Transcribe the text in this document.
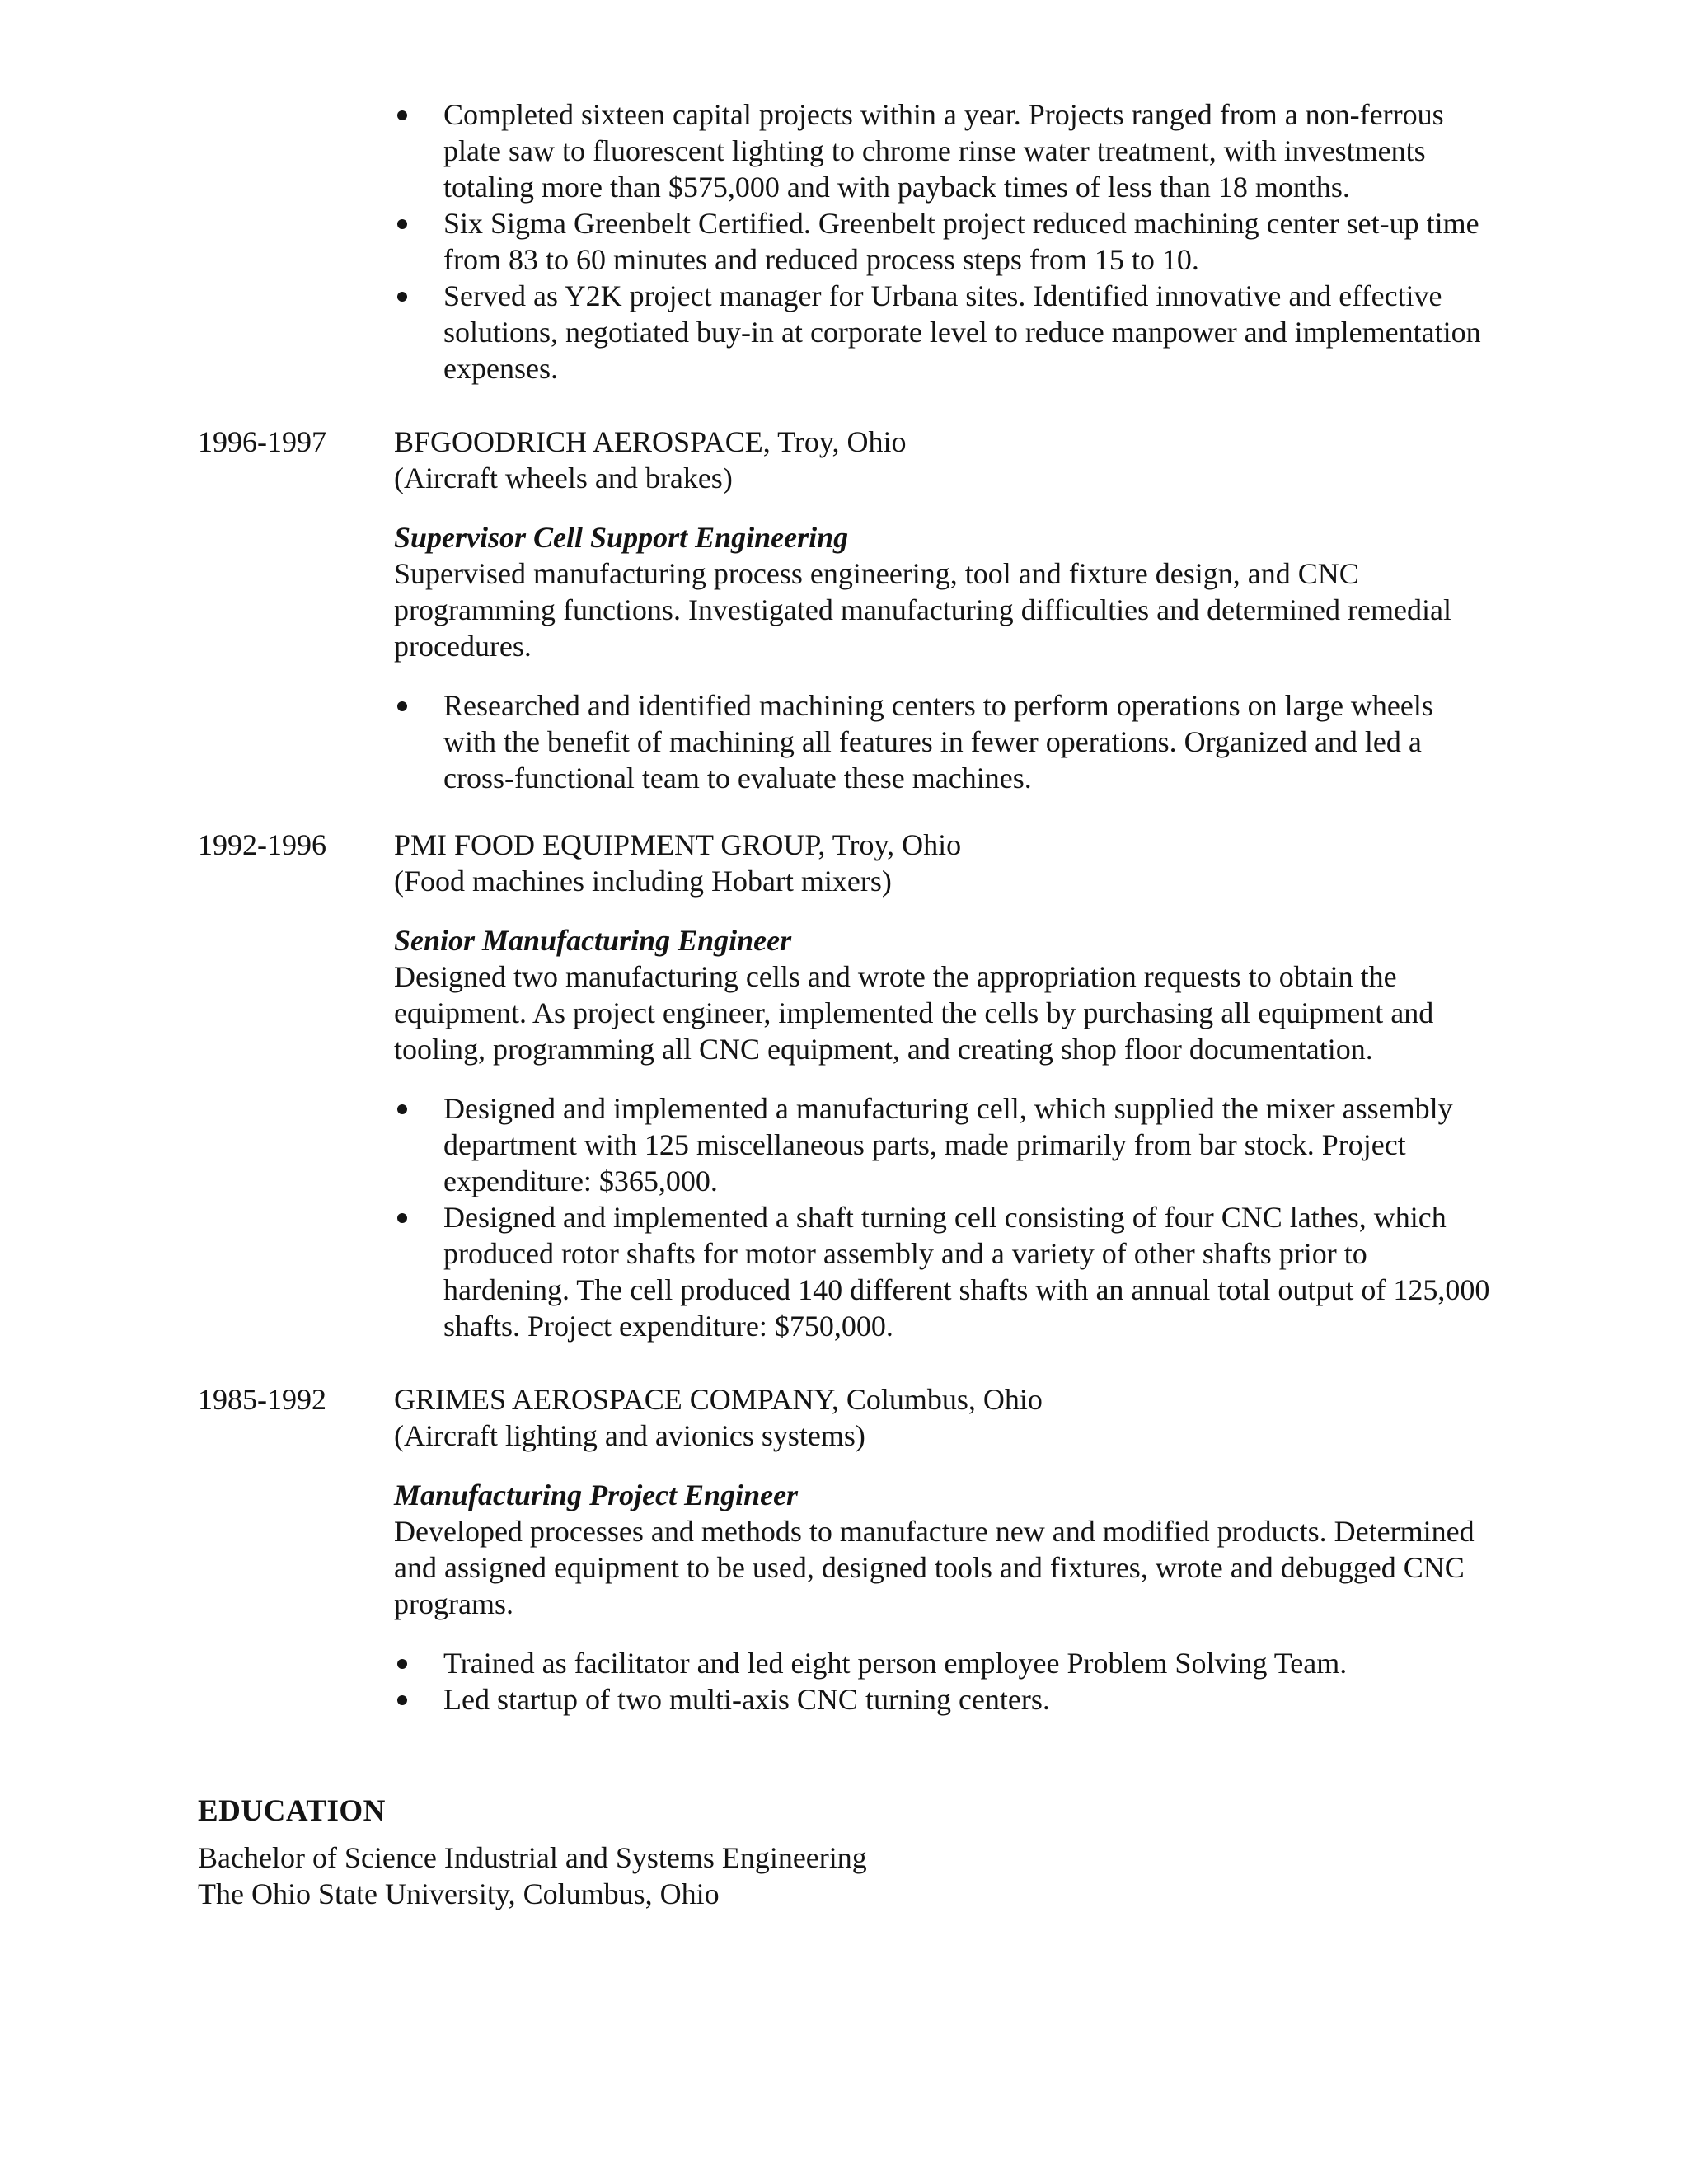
Completed sixteen capital projects within a year. Projects ranged from a non-ferrous plate saw to fluorescent lighting to chrome rinse water treatment, with investments totaling more than $575,000 and with payback times of less than 18 months.
Six Sigma Greenbelt Certified. Greenbelt project reduced machining center set-up time from 83 to 60 minutes and reduced process steps from 15 to 10.
Served as Y2K project manager for Urbana sites. Identified innovative and effective solutions, negotiated buy-in at corporate level to reduce manpower and implementation expenses.
1996-1997	BFGOODRICH AEROSPACE, Troy, Ohio

(Aircraft wheels and brakes)

Supervisor Cell Support Engineering

Supervised manufacturing process engineering, tool and fixture design, and CNC programming functions. Investigated manufacturing difficulties and determined remedial procedures.

Researched and identified machining centers to perform operations on large wheels with the benefit of machining all features in fewer operations. Organized and led a cross-functional team to evaluate these machines.
1992-1996	PMI FOOD EQUIPMENT GROUP, Troy, Ohio

(Food machines including Hobart mixers)

Senior Manufacturing Engineer

Designed two manufacturing cells and wrote the appropriation requests to obtain the equipment. As project engineer, implemented the cells by purchasing all equipment and tooling, programming all CNC equipment, and creating shop floor documentation.

Designed and implemented a manufacturing cell, which supplied the mixer assembly department with 125 miscellaneous parts, made primarily from bar stock. Project expenditure: $365,000.
Designed and implemented a shaft turning cell consisting of four CNC lathes, which produced rotor shafts for motor assembly and a variety of other shafts prior to hardening. The cell produced 140 different shafts with an annual total output of 125,000 shafts. Project expenditure: $750,000.
1985-1992	GRIMES AEROSPACE COMPANY, Columbus, Ohio

(Aircraft lighting and avionics systems)

Manufacturing Project Engineer

Developed processes and methods to manufacture new and modified products. Determined and assigned equipment to be used, designed tools and fixtures, wrote and debugged CNC programs.

Trained as facilitator and led eight person employee Problem Solving Team.
Led startup of two multi-axis CNC turning centers.

EDUCATION

Bachelor of Science Industrial and Systems Engineering

The Ohio State University, Columbus, Ohio
